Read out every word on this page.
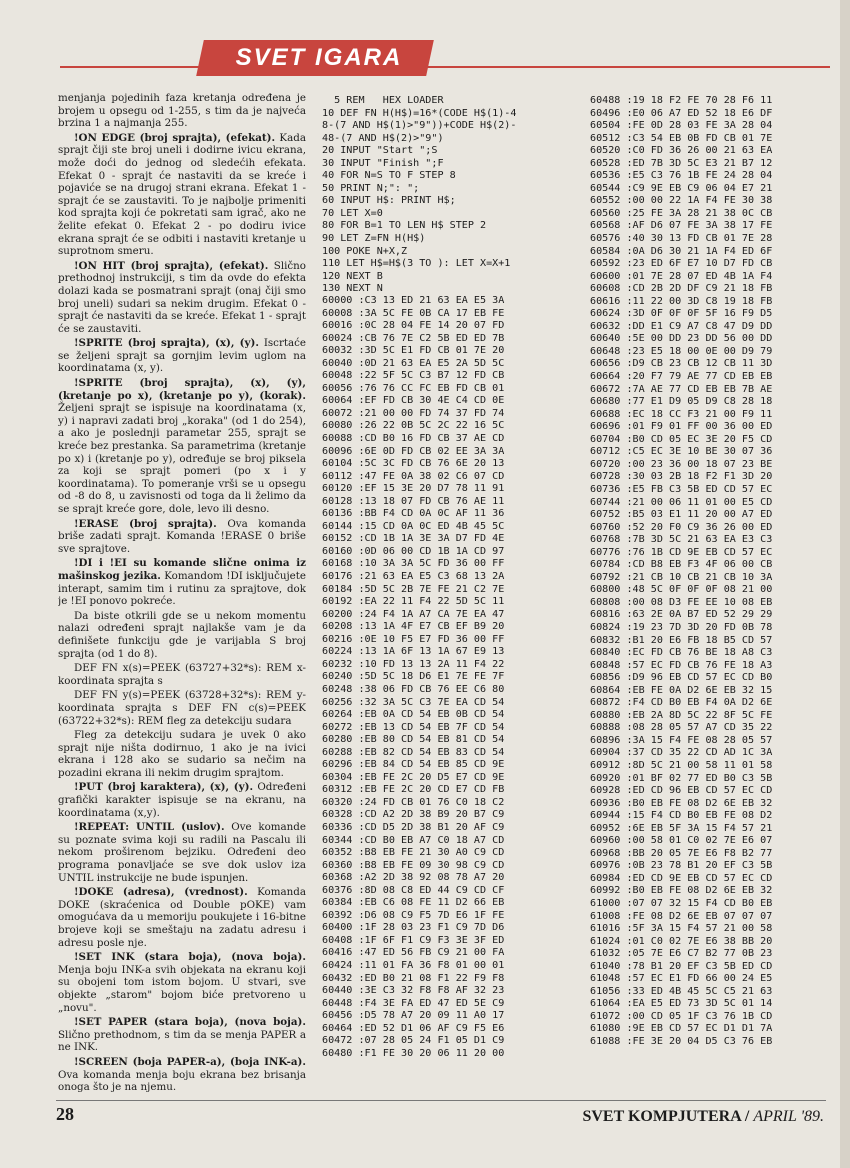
SVET IGARA

menjanja pojedinih faza kretanja određena je brojem u opsegu od 1-255, s tim da je najveća brzina 1 a najmanja 255.

!ON EDGE (broj sprajta), (efekat). Kada sprajt čiji ste broj uneli i dodirne ivicu ekrana, može doći do jednog od sledećih efekata. Efekat 0 - sprajt će nastaviti da se kreće i pojaviće se na drugoj strani ekrana. Efekat 1 - sprajt će se zaustaviti. To je najbolje primeniti kod sprajta koji će pokretati sam igrač, ako ne želite efekat 0. Efekat 2 - po dodiru ivice ekrana sprajt će se odbiti i nastaviti kretanje u suprotnom smeru.

!ON HIT (broj sprajta), (efekat). Slično prethodnoj instrukciji, s tim da ovde do efekta dolazi kada se posmatrani sprajt (onaj čiji smo broj uneli) sudari sa nekim drugim. Efekat 0 - sprajt će nastaviti da se kreće. Efekat 1 - sprajt će se zaustaviti.

!SPRITE (broj sprajta), (x), (y). Iscrtaće se željeni sprajt sa gornjim levim uglom na koordinatama (x, y).

!SPRITE (broj sprajta), (x), (y), (kretanje po x), (kretanje po y), (korak). Željeni sprajt se ispisuje na koordinatama (x, y) i napravi zadati broj „koraka" (od 1 do 254), a ako je poslednji parametar 255, sprajt se kreće bez prestanka. Sa parametrima (kretanje po x) i (kretanje po y), određuje se broj piksela za koji se sprajt pomeri (po x i y koordinatama). To pomeranje vrši se u opsegu od -8 do 8, u zavisnosti od toga da li želimo da se sprajt kreće gore, dole, levo ili desno.

!ERASE (broj sprajta). Ova komanda briše zadati sprajt. Komanda !ERASE 0 briše sve sprajtove.

!DI i !EI su komande slične onima iz mašinskog jezika. Komandom !DI isključujete interapt, samim tim i rutinu za sprajtove, dok je !EI ponovo pokreće.

Da biste otkrili gde se u nekom momentu nalazi određeni sprajt najlakše vam je da definišete funkciju gde je varijabla S broj sprajta (od 1 do 8).

DEF FN x(s)=PEEK (63727+32*s): REM x-koordinata sprajta s

DEF FN y(s)=PEEK (63728+32*s): REM y-koordinata sprajta s DEF FN c(s)=PEEK (63722+32*s): REM fleg za detekciju sudara

Fleg za detekciju sudara je uvek 0 ako sprajt nije ništa dodirnuo, 1 ako je na ivici ekrana i 128 ako se sudario sa nečim na pozadini ekrana ili nekim drugim sprajtom.

!PUT (broj karaktera), (x), (y). Određeni grafički karakter ispisuje se na ekranu, na koordinatama (x,y).

!REPEAT: UNTIL (uslov). Ove komande su poznate svima koji su radili na Pascalu ili nekom proširenom bejziku. Određeni deo programa ponavljaće se sve dok uslov iza UNTIL instrukcije ne bude ispunjen.

!DOKE (adresa), (vrednost). Komanda DOKE (skraćenica od Double pOKE) vam omogućava da u memoriju poukujete i 16-bitne brojeve koji se smeštaju na zadatu adresu i adresu posle nje.

!SET INK (stara boja), (nova boja). Menja boju INK-a svih objekata na ekranu koji su obojeni tom istom bojom. U stvari, sve objekte „starom" bojom biće pretvoreno u „novu".

!SET PAPER (stara boja), (nova boja). Slično prethodnom, s tim da se menja PAPER a ne INK.

!SCREEN (boja PAPER-a), (boja INK-a). Ova komanda menja boju ekrana bez brisanja onoga što je na njemu.

5 REM   HEX LOADER
10 DEF FN H(H$)=16*(CODE H$(1)-4
8-(7 AND H$(1)>"9"))+CODE H$(2)-
48-(7 AND H$(2)>"9")
20 INPUT "Start ";S
30 INPUT "Finish ";F
40 FOR N=S TO F STEP 8
50 PRINT N;": ";
60 INPUT H$: PRINT H$;
70 LET X=0
80 FOR B=1 TO LEN H$ STEP 2
90 LET Z=FN H(H$)
100 POKE N+X,Z
110 LET H$=H$(3 TO ): LET X=X+1
120 NEXT B
130 NEXT N
60000 :C3 13 ED 21 63 EA E5 3A
60008 :3A 5C FE 0B CA 17 EB FE
60016 :0C 28 04 FE 14 20 07 FD
60024 :CB 76 7E C2 5B ED ED 7B
60032 :3D 5C E1 FD CB 01 7E 20
60040 :0D 21 63 EA E5 2A 5D 5C
60048 :22 5F 5C C3 B7 12 FD CB
60056 :76 76 CC FC EB FD CB 01
60064 :EF FD CB 30 4E C4 CD 0E
60072 :21 00 00 FD 74 37 FD 74
60080 :26 22 0B 5C 2C 22 16 5C
60088 :CD B0 16 FD CB 37 AE CD
60096 :6E 0D FD CB 02 EE 3A 3A
60104 :5C 3C FD CB 76 6E 20 13
60112 :47 FE 0A 38 02 C6 07 CD
60120 :EF 15 3E 20 D7 78 11 91
60128 :13 18 07 FD CB 76 AE 11
60136 :BB F4 CD 0A 0C AF 11 36
60144 :15 CD 0A 0C ED 4B 45 5C
60152 :CD 1B 1A 3E 3A D7 FD 4E
60160 :0D 06 00 CD 1B 1A CD 97
60168 :10 3A 3A 5C FD 36 00 FF
60176 :21 63 EA E5 C3 68 13 2A
60184 :5D 5C 2B 7E FE 21 C2 7E
60192 :EA 22 11 F4 22 5D 5C 11
60200 :24 F4 1A A7 CA 7E EA 47
60208 :13 1A 4F E7 CB EF B9 20
60216 :0E 10 F5 E7 FD 36 00 FF
60224 :13 1A 6F 13 1A 67 E9 13
60232 :10 FD 13 13 2A 11 F4 22
60240 :5D 5C 18 D6 E1 7E FE 7F
60248 :38 06 FD CB 76 EE C6 80
60256 :32 3A 5C C3 7E EA CD 54
60264 :EB 0A CD 54 EB 0B CD 54
60272 :EB 13 CD 54 EB 7F CD 54
60280 :EB 80 CD 54 EB 81 CD 54
60288 :EB 82 CD 54 EB 83 CD 54
60296 :EB 84 CD 54 EB 85 CD 9E
60304 :EB FE 2C 20 D5 E7 CD 9E
60312 :EB FE 2C 20 CD E7 CD FB
60320 :24 FD CB 01 76 C0 18 C2
60328 :CD A2 2D 38 B9 20 B7 C9
60336 :CD D5 2D 38 B1 20 AF C9
60344 :CD B0 EB A7 C0 18 A7 CD
60352 :B8 EB FE 21 30 A0 C9 CD
60360 :B8 EB FE 09 30 98 C9 CD
60368 :A2 2D 38 92 08 78 A7 20
60376 :8D 08 C8 ED 44 C9 CD CF
60384 :EB C6 08 FE 11 D2 66 EB
60392 :D6 08 C9 F5 7D E6 1F FE
60400 :1F 28 03 23 F1 C9 7D D6
60408 :1F 6F F1 C9 F3 3E 3F ED
60416 :47 ED 56 FB C9 21 00 FA
60424 :11 01 FA 36 F8 01 00 01
60432 :ED B0 21 08 F1 22 F9 F8
60440 :3E C3 32 F8 F8 AF 32 23
60448 :F4 3E FA ED 47 ED 5E C9
60456 :D5 78 A7 20 09 11 A0 17
60464 :ED 52 D1 06 AF C9 F5 E6
60472 :07 28 05 24 F1 05 D1 C9
60480 :F1 FE 30 20 06 11 20 00
60488 :19 18 F2 FE 70 28 F6 11
60496 :E0 06 A7 ED 52 18 E6 DF
60504 :FE 0D 28 03 FE 3A 28 04
60512 :C3 54 EB 0B FD CB 01 7E
60520 :C0 FD 36 26 00 21 63 EA
60528 :ED 7B 3D 5C E3 21 B7 12
60536 :E5 C3 76 1B FE 24 28 04
60544 :C9 9E EB C9 06 04 E7 21
60552 :00 00 22 1A F4 FE 30 38
60560 :25 FE 3A 28 21 38 0C CB
60568 :AF D6 07 FE 3A 38 17 FE
60576 :40 30 13 FD CB 01 7E 28
60584 :0A D6 30 21 1A F4 ED 6F
60592 :23 ED 6F E7 10 D7 FD CB
60600 :01 7E 28 07 ED 4B 1A F4
60608 :CD 2B 2D DF C9 21 18 FB
60616 :11 22 00 3D C8 19 18 FB
60624 :3D 0F 0F 0F 5F 16 F9 D5
60632 :DD E1 C9 A7 C8 47 D9 DD
60640 :5E 00 DD 23 DD 56 00 DD
60648 :23 E5 18 00 0E 00 D9 79
60656 :D9 CB 23 CB 12 CB 11 3D
60664 :20 F7 79 AE 77 CD EB EB
60672 :7A AE 77 CD EB EB 7B AE
60680 :77 E1 D9 05 D9 C8 28 18
60688 :EC 18 CC F3 21 00 F9 11
60696 :01 F9 01 FF 00 36 00 ED
60704 :B0 CD 05 EC 3E 20 F5 CD
60712 :C5 EC 3E 10 BE 30 07 36
60720 :00 23 36 00 18 07 23 BE
60728 :30 03 2B 18 F2 F1 3D 20
60736 :E5 FB C3 5B ED CD 57 EC
60744 :21 00 06 11 01 00 E5 CD
60752 :B5 03 E1 11 20 00 A7 ED
60760 :52 20 F0 C9 36 26 00 ED
60768 :7B 3D 5C 21 63 EA E3 C3
60776 :76 1B CD 9E EB CD 57 EC
60784 :CD B8 EB F3 4F 06 00 CB
60792 :21 CB 10 CB 21 CB 10 3A
60800 :48 5C 0F 0F 0F 08 21 00
60808 :00 08 D3 FE EE 10 08 EB
60816 :63 2E 0A B7 ED 52 29 29
60824 :19 23 7D 3D 20 FD 0B 78
60832 :B1 20 E6 FB 18 B5 CD 57
60840 :EC FD CB 76 BE 18 A8 C3
60848 :57 EC FD CB 76 FE 18 A3
60856 :D9 96 EB CD 57 EC CD B0
60864 :EB FE 0A D2 6E EB 32 15
60872 :F4 CD B0 EB F4 0A D2 6E
60880 :EB 2A 8D 5C 22 8F 5C FE
60888 :08 28 05 57 A7 CD 35 22
60896 :3A 15 F4 FE 08 28 05 57
60904 :37 CD 35 22 CD AD 1C 3A
60912 :8D 5C 21 00 58 11 01 58
60920 :01 BF 02 77 ED B0 C3 5B
60928 :ED CD 96 EB CD 57 EC CD
60936 :B0 EB FE 08 D2 6E EB 32
60944 :15 F4 CD B0 EB FE 08 D2
60952 :6E EB 5F 3A 15 F4 57 21
60960 :00 58 01 C0 02 7E E6 07
60968 :BB 20 05 7E E6 F8 B2 77
60976 :0B 23 78 B1 20 EF C3 5B
60984 :ED CD 9E EB CD 57 EC CD
60992 :B0 EB FE 08 D2 6E EB 32
61000 :07 07 32 15 F4 CD B0 EB
61008 :FE 08 D2 6E EB 07 07 07
61016 :5F 3A 15 F4 57 21 00 58
61024 :01 C0 02 7E E6 38 BB 20
61032 :05 7E E6 C7 B2 77 0B 23
61040 :78 B1 20 EF C3 5B ED CD
61048 :57 EC E1 FD 66 00 24 E5
61056 :33 ED 4B 45 5C C5 21 63
61064 :EA E5 ED 73 3D 5C 01 14
61072 :00 CD 05 1F C3 76 1B CD
61080 :9E EB CD 57 EC D1 D1 7A
61088 :FE 3E 20 04 D5 C3 76 EB
28	SVET KOMPJUTERA / APRIL '89.
